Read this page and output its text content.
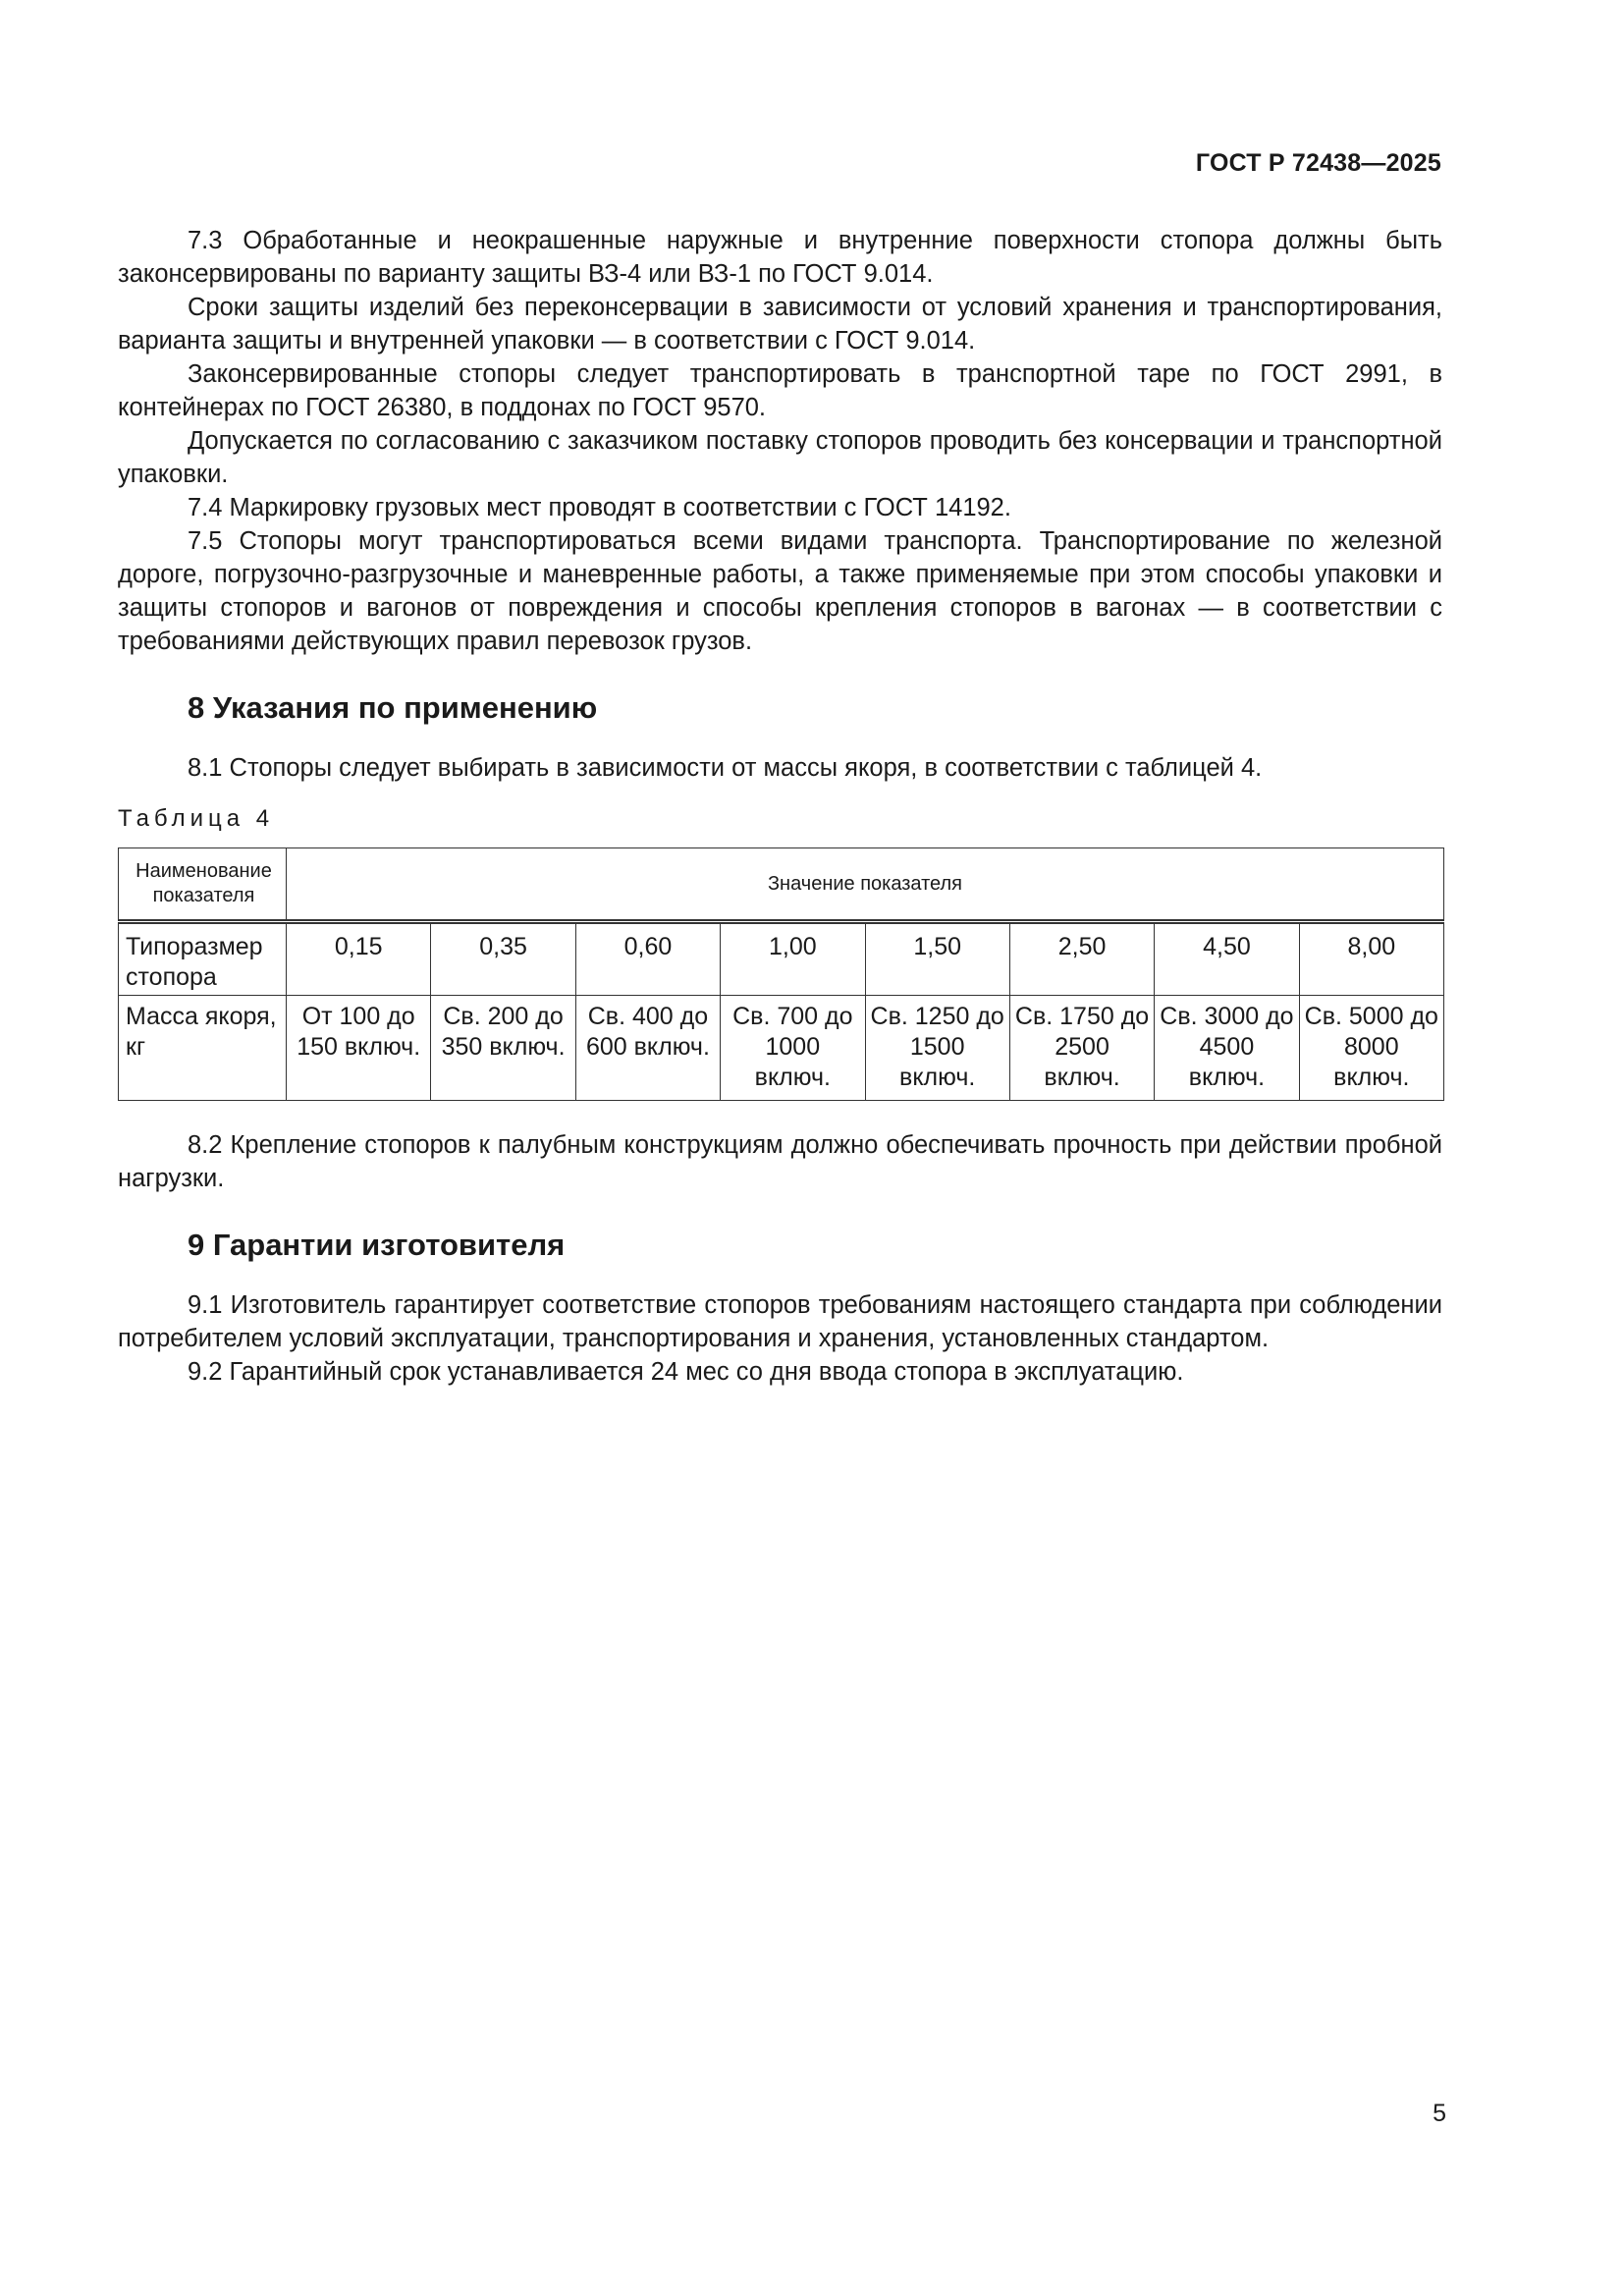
ГОСТ Р 72438—2025

7.3 Обработанные и неокрашенные наружные и внутренние поверхности стопора должны быть законсервированы по варианту защиты ВЗ-4 или ВЗ-1 по ГОСТ 9.014.

Сроки защиты изделий без переконсервации в зависимости от условий хранения и транспортирования, варианта защиты и внутренней упаковки — в соответствии с ГОСТ 9.014.

Законсервированные стопоры следует транспортировать в транспортной таре по ГОСТ 2991, в контейнерах по ГОСТ 26380, в поддонах по ГОСТ 9570.

Допускается по согласованию с заказчиком поставку стопоров проводить без консервации и транспортной упаковки.

7.4 Маркировку грузовых мест проводят в соответствии с ГОСТ 14192.

7.5 Стопоры могут транспортироваться всеми видами транспорта. Транспортирование по железной дороге, погрузочно-разгрузочные и маневренные работы, а также применяемые при этом способы упаковки и защиты стопоров и вагонов от повреждения и способы крепления стопоров в вагонах — в соответствии с требованиями действующих правил перевозок грузов.

8 Указания по применению

8.1 Стопоры следует выбирать в зависимости от массы якоря, в соответствии с таблицей 4.

Таблица 4
Наименование показателя	Значение показателя							
Типоразмер стопора	0,15	0,35	0,60	1,00	1,50	2,50	4,50	8,00
Масса якоря, кг	От 100 до 150 включ.	Св. 200 до 350 включ.	Св. 400 до 600 включ.	Св. 700 до 1000 включ.	Св. 1250 до 1500 включ.	Св. 1750 до 2500 включ.	Св. 3000 до 4500 включ.	Св. 5000 до 8000 включ.

8.2 Крепление стопоров к палубным конструкциям должно обеспечивать прочность при действии пробной нагрузки.

9 Гарантии изготовителя

9.1 Изготовитель гарантирует соответствие стопоров требованиям настоящего стандарта при соблюдении потребителем условий эксплуатации, транспортирования и хранения, установленных стандартом.

9.2 Гарантийный срок устанавливается 24 мес со дня ввода стопора в эксплуатацию.

5
